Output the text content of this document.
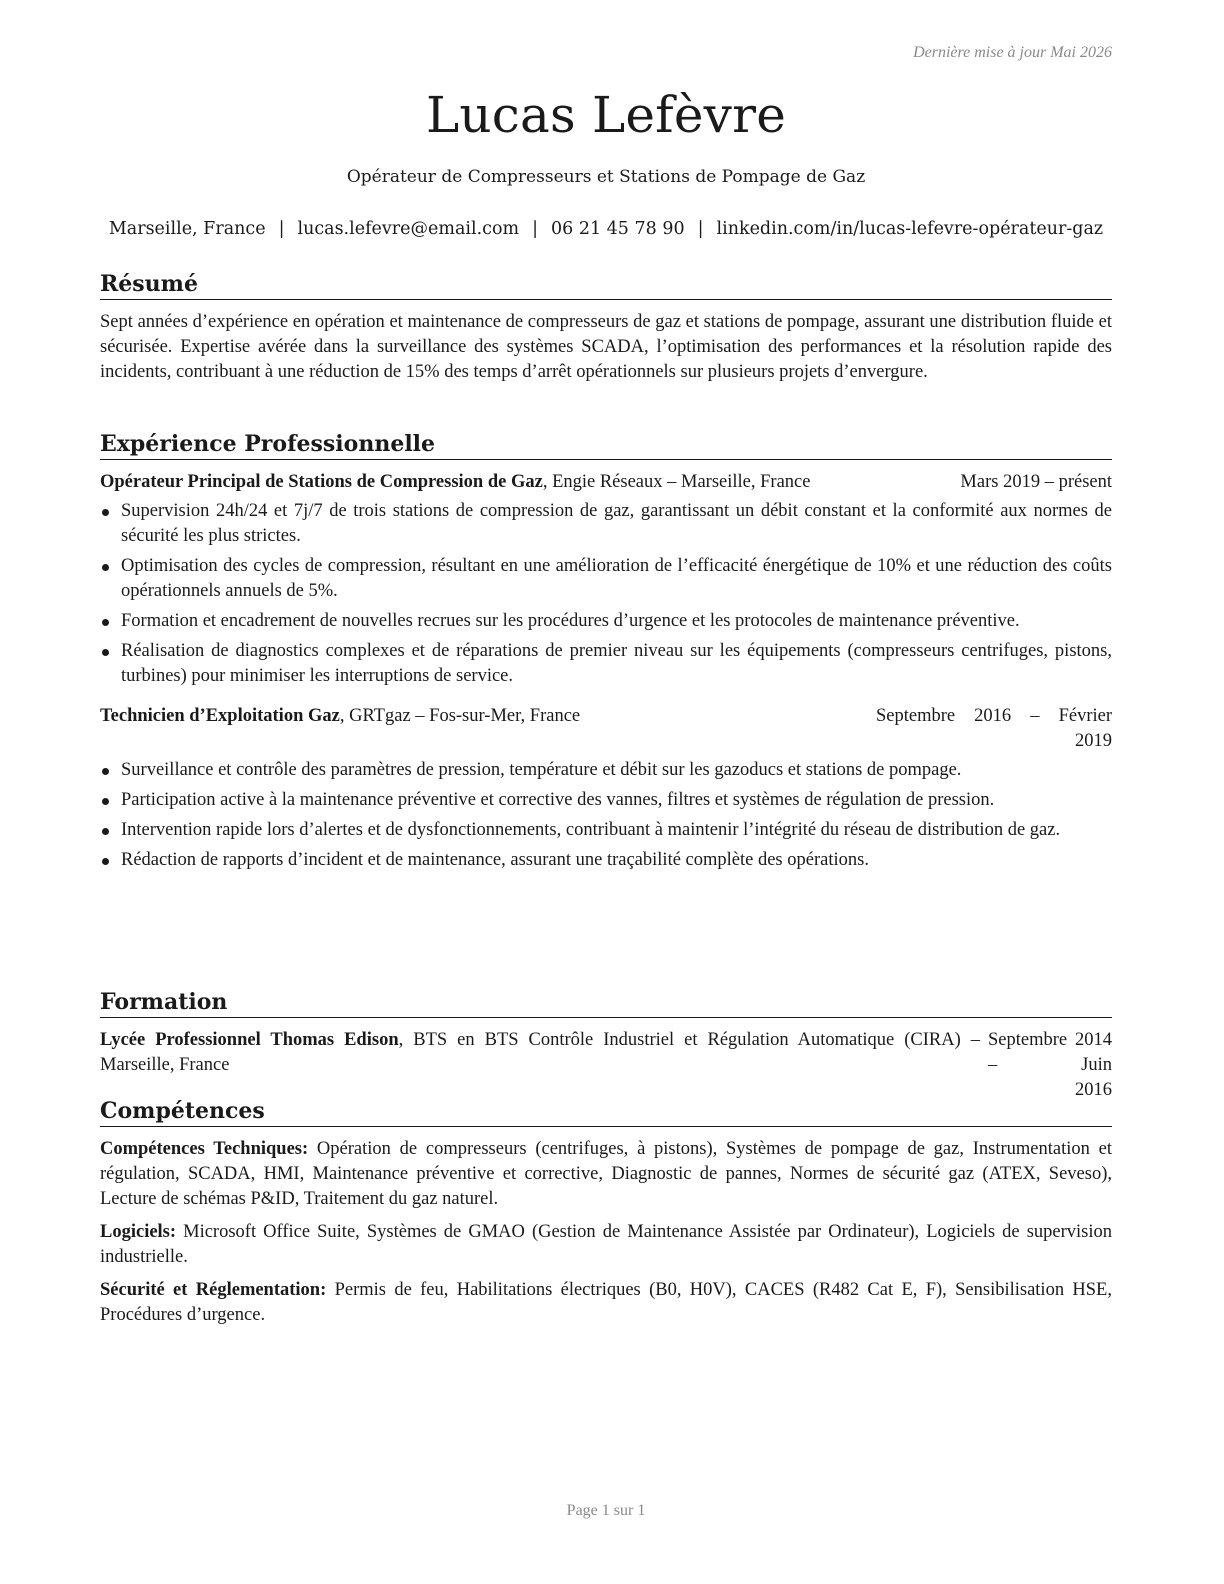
Dernière mise à jour Mai 2026
Lucas Lefèvre
Opérateur de Compresseurs et Stations de Pompage de Gaz
Marseille, France | lucas.lefevre@email.com | 06 21 45 78 90 | linkedin.com/in/lucas-lefevre-opérateur-gaz
Résumé

Sept années d’expérience en opération et maintenance de compresseurs de gaz et stations de pompage, assurant une distribution fluide et sécurisée. Expertise avérée dans la surveillance des systèmes SCADA, l’optimisation des performances et la résolution rapide des incidents, contribuant à une réduction de 15% des temps d’arrêt opérationnels sur plusieurs projets d’envergure.

Expérience Professionnelle
Opérateur Principal de Stations de Compression de Gaz, Engie Réseaux – Marseille, France	Mars 2019 – présent
Supervision 24h/24 et 7j/7 de trois stations de compression de gaz, garantissant un débit constant et la conformité aux normes de sécurité les plus strictes.
Optimisation des cycles de compression, résultant en une amélioration de l’efficacité énergétique de 10% et une réduction des coûts opérationnels annuels de 5%.
Formation et encadrement de nouvelles recrues sur les procédures d’urgence et les protocoles de maintenance préventive.
Réalisation de diagnostics complexes et de réparations de premier niveau sur les équipements (compresseurs centrifuges, pistons, turbines) pour minimiser les interruptions de service.
Technicien d’Exploitation Gaz, GRTgaz – Fos-sur-Mer, France	Septembre 2016 – Février
2019
Surveillance et contrôle des paramètres de pression, température et débit sur les gazoducs et stations de pompage.
Participation active à la maintenance préventive et corrective des vannes, filtres et systèmes de régulation de pression.
Intervention rapide lors d’alertes et de dysfonctionnements, contribuant à maintenir l’intégrité du réseau de distribution de gaz.
Rédaction de rapports d’incident et de maintenance, assurant une traçabilité complète des opérations.
Formation
Lycée Professionnel Thomas Edison, BTS en BTS Contrôle Industriel et Régulation Automatique (CIRA) – Marseille, France
Septembre 2014 – Juin
2016
Compétences
Compétences Techniques: Opération de compresseurs (centrifuges, à pistons), Systèmes de pompage de gaz, Instrumentation et régulation, SCADA, HMI, Maintenance préventive et corrective, Diagnostic de pannes, Normes de sécurité gaz (ATEX, Seveso), Lecture de schémas P&ID, Traitement du gaz naturel.
Logiciels: Microsoft Office Suite, Systèmes de GMAO (Gestion de Maintenance Assistée par Ordinateur), Logiciels de supervision industrielle.
Sécurité et Réglementation: Permis de feu, Habilitations électriques (B0, H0V), CACES (R482 Cat E, F), Sensibilisation HSE, Procédures d’urgence.
Page 1 sur 1
